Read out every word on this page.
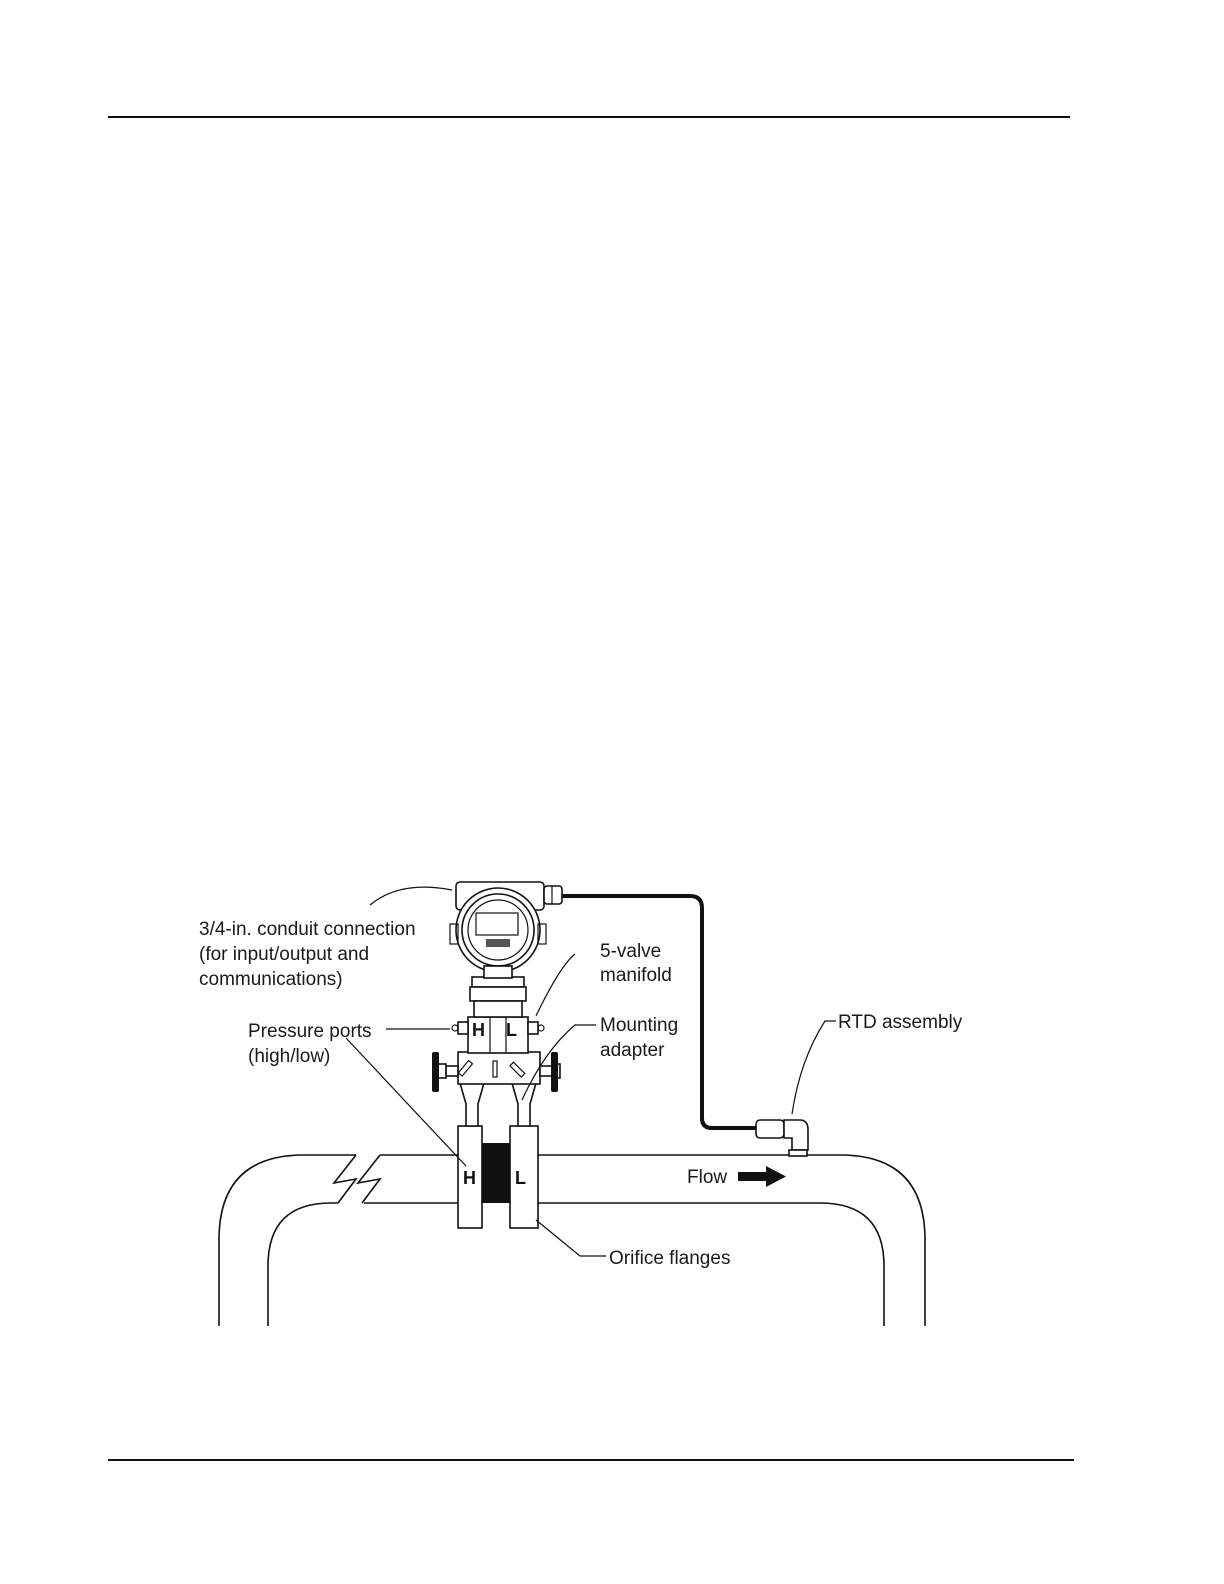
H L
H L
3/4-in. conduit connection
(for input/output and
communications)
5-valve
manifold
Pressure ports
(high/low)
Mounting
adapter
RTD assembly
Flow
Orifice flanges
